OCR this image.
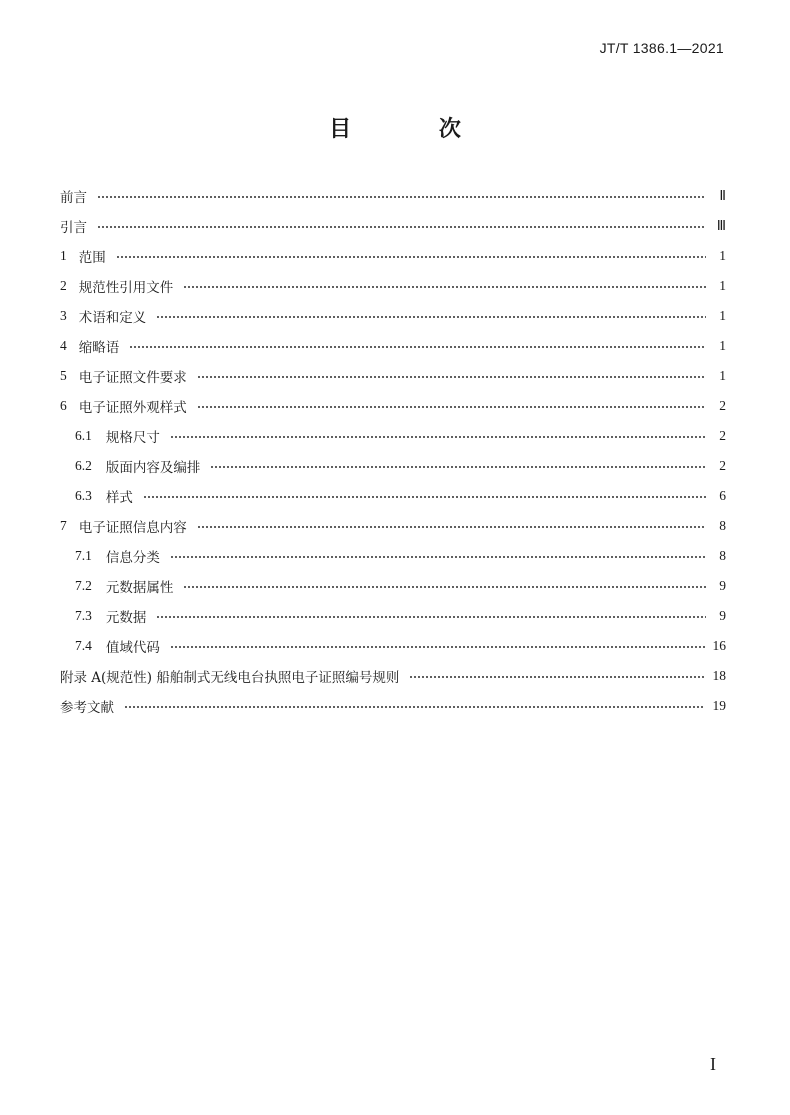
JT/T 1386.1—2021
目 次
前言	Ⅱ
引言	Ⅲ
1 范围	1
2 规范性引用文件	1
3 术语和定义	1
4 缩略语	1
5 电子证照文件要求	1
6 电子证照外观样式	2
6.1 规格尺寸	2
6.2 版面内容及编排	2
6.3 样式	6
7 电子证照信息内容	8
7.1 信息分类	8
7.2 元数据属性	9
7.3 元数据	9
7.4 值域代码	16
附录 A(规范性) 船舶制式无线电台执照电子证照编号规则	18
参考文献	19
I
